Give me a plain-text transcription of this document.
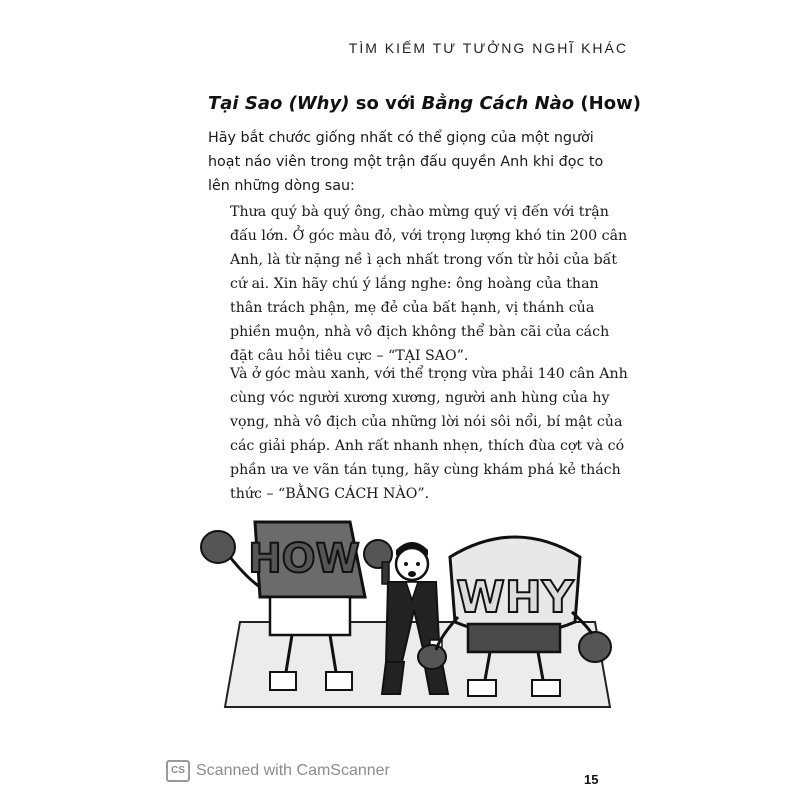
TÌM KIẾM TƯ TƯỞNG NGHĨ KHÁC
Tại Sao (Why) so với Bằng Cách Nào (How)
Hãy bắt chước giống nhất có thể giọng của một người hoạt náo viên trong một trận đấu quyền Anh khi đọc to lên những dòng sau:
Thưa quý bà quý ông, chào mừng quý vị đến với trận đấu lớn. Ở góc màu đỏ, với trọng lượng khó tin 200 cân Anh, là từ nặng nề ì ạch nhất trong vốn từ hỏi của bất cứ ai. Xin hãy chú ý lắng nghe: ông hoàng của than thân trách phận, mẹ đẻ của bất hạnh, vị thánh của phiền muộn, nhà vô địch không thể bàn cãi của cách đặt câu hỏi tiêu cực – “TẠI SAO”.
Và ở góc màu xanh, với thể trọng vừa phải 140 cân Anh cùng vóc người xương xương, người anh hùng của hy vọng, nhà vô địch của những lời nói sôi nổi, bí mật của các giải pháp. Anh rất nhanh nhẹn, thích đùa cợt và có phần ưa ve vãn tán tụng, hãy cùng khám phá kẻ thách thức – “BẰNG CÁCH NÀO”.
HOW
WHY
CS Scanned with CamScanner
15
